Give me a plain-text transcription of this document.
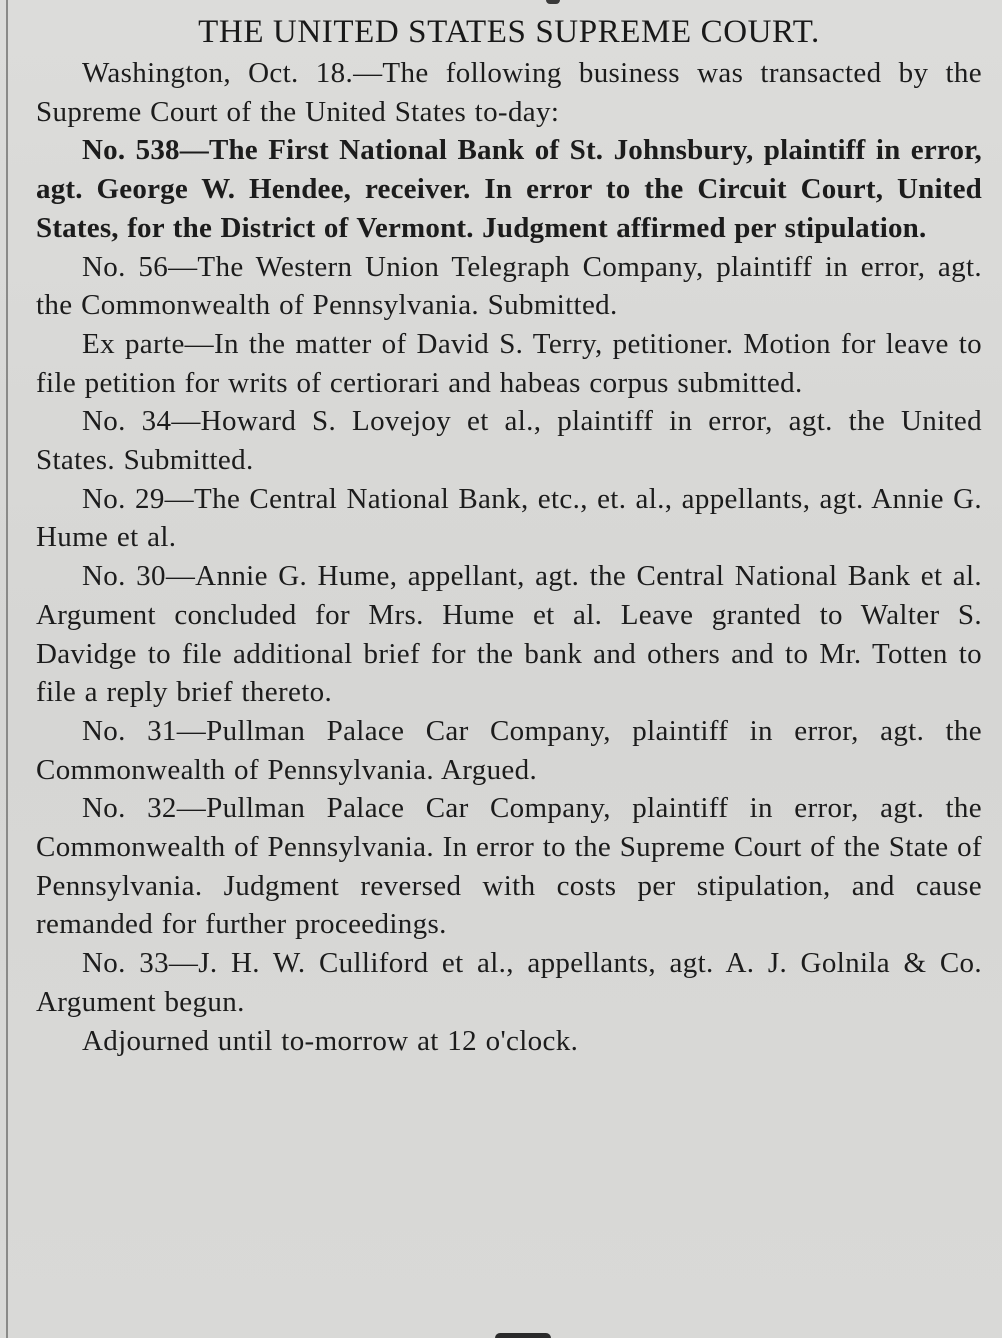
THE UNITED STATES SUPREME COURT.

Washington, Oct. 18.—The following business was transacted by the Supreme Court of the United States to-day:

No. 538—The First National Bank of St. Johnsbury, plaintiff in error, agt. George W. Hendee, receiver. In error to the Circuit Court, United States, for the District of Vermont. Judgment affirmed per stipulation.

No. 56—The Western Union Telegraph Company, plaintiff in error, agt. the Commonwealth of Pennsylvania. Submitted.

Ex parte—In the matter of David S. Terry, petitioner. Motion for leave to file petition for writs of certiorari and habeas corpus submitted.

No. 34—Howard S. Lovejoy et al., plaintiff in error, agt. the United States. Submitted.

No. 29—The Central National Bank, etc., et. al., appellants, agt. Annie G. Hume et al.

No. 30—Annie G. Hume, appellant, agt. the Central National Bank et al. Argument concluded for Mrs. Hume et al. Leave granted to Walter S. Davidge to file additional brief for the bank and others and to Mr. Totten to file a reply brief thereto.

No. 31—Pullman Palace Car Company, plaintiff in error, agt. the Commonwealth of Pennsylvania. Argued.

No. 32—Pullman Palace Car Company, plaintiff in error, agt. the Commonwealth of Pennsylvania. In error to the Supreme Court of the State of Pennsylvania. Judgment reversed with costs per stipulation, and cause remanded for further proceedings.

No. 33—J. H. W. Culliford et al., appellants, agt. A. J. Golnila & Co. Argument begun.

Adjourned until to-morrow at 12 o'clock.
